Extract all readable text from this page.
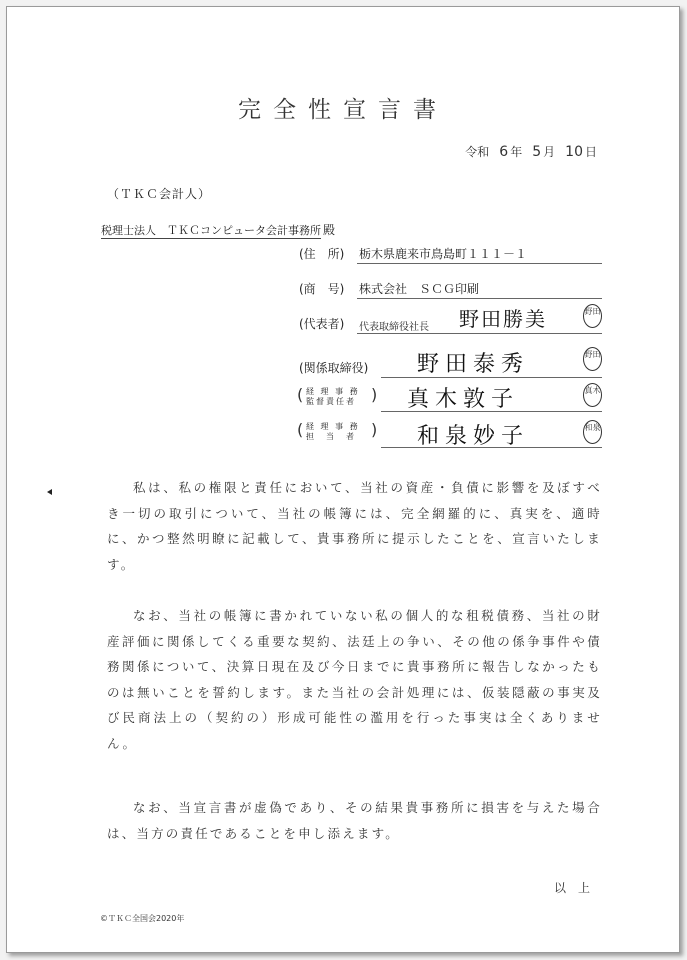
完全性宣言書
令和 6 年 5 月 10 日
（ＴＫＣ会計人）
税理士法人　ＴＫＣコンピュータ会計事務所 殿
(住　所) 栃木県鹿来市鳥島町１１１－１
(商　号) 株式会社　ＳＣＧ印刷
(代表者) 代表取締役社長 野田勝美	野田
(関係取締役) 野田泰秀	野田
( 経 理 事 務
監督責任者 ) 真木敦子	真木
( 経 理 事 務
担　当　者 ) 和泉妙子	和泉

私は、私の権限と責任において、当社の資産・負債に影響を及ぼすべき一切の取引について、当社の帳簿には、完全網羅的に、真実を、適時に、かつ整然明瞭に記載して、貴事務所に提示したことを、宣言いたします。

なお、当社の帳簿に書かれていない私の個人的な租税債務、当社の財産評価に関係してくる重要な契約、法廷上の争い、その他の係争事件や債務関係について、決算日現在及び今日までに貴事務所に報告しなかったものは無いことを誓約します。また当社の会計処理には、仮装隠蔽の事実及び民商法上の（契約の）形成可能性の濫用を行った事実は全くありません。

なお、当宣言書が虚偽であり、その結果貴事務所に損害を与えた場合は、当方の責任であることを申し添えます。

以上
©ＴＫＣ全国会2020年
